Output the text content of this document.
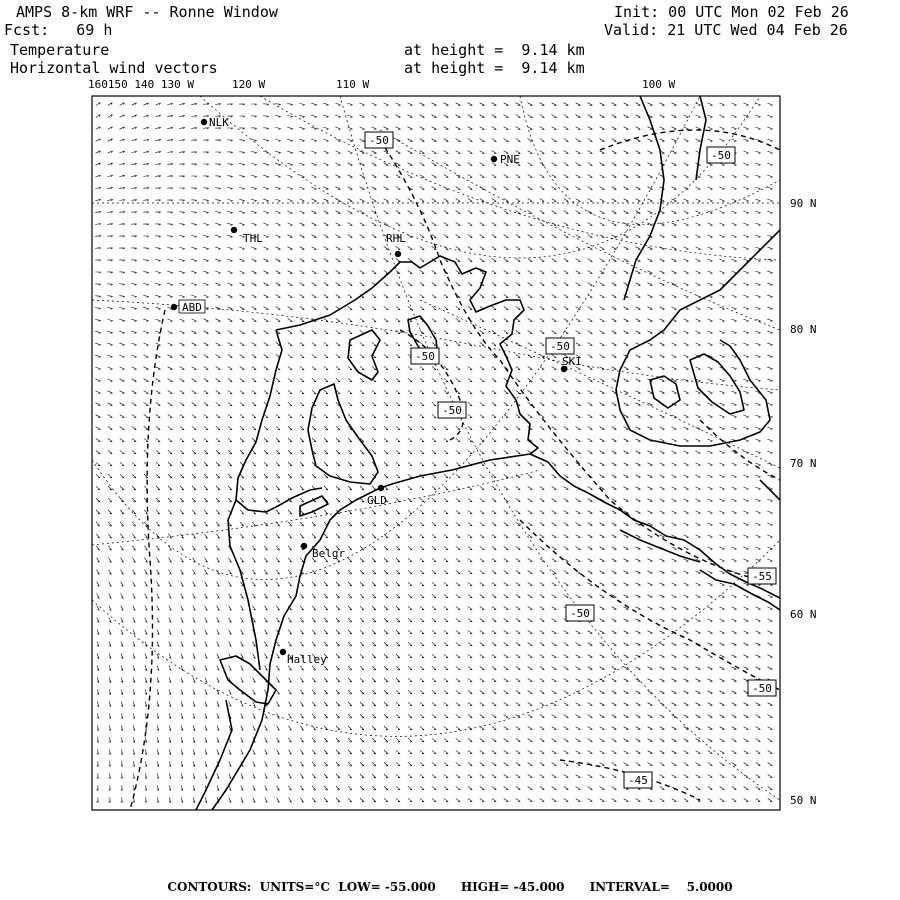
AMPS 8-km WRF -- Ronne Window
Fcst:   69 h
Init: 00 UTC Mon 02 Feb 26
Valid: 21 UTC Wed 04 Feb 26
Temperature
Horizontal wind vectors
at height =  9.14 km
at height =  9.14 km
160150 140 130 W	120 W	110 W	100 W
-50
-50
-50
-50
-50
-50
-55
-50
-45
NLK
PNE
THL	RHL
ABD
SKI
GLD
Belgr
Halley
90 N
80 N
70 N
60 N
50 N
CONTOURS:  UNITS=°C  LOW= -55.000      HIGH= -45.000      INTERVAL=    5.0000
